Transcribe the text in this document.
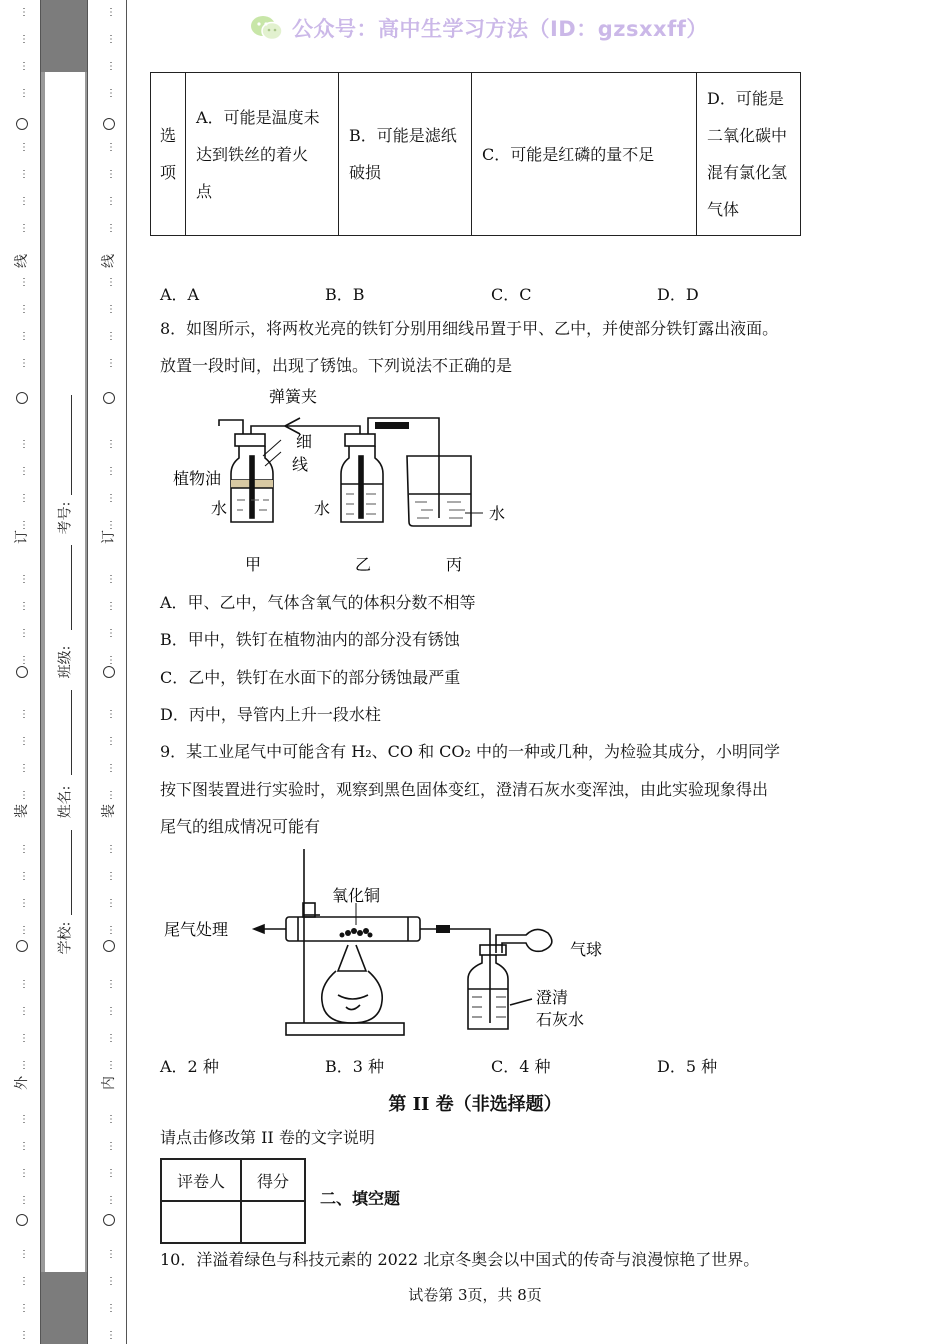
线
订
装
外
线
订
装
内
考号:
班级:
姓名:
学校:
公众号：高中生学习方法（ID：gzsxxff）
选
项

A．可能是温度未
达到铁丝的着火
点

B．可能是滤纸
破损
	C．可能是红磷的量不足	
D．可能是
二氧化碳中
混有氯化氢
气体
A．A	B．B	C．C	D．D
8．如图所示，将两枚光亮的铁钉分别用细线吊置于甲、乙中，并使部分铁钉露出液面。
放置一段时间，出现了锈蚀。下列说法不正确的是
弹簧夹
细
线
植物油
水	水	水
甲	乙	丙
A．甲、乙中，气体含氧气的体积分数不相等
B．甲中，铁钉在植物油内的部分没有锈蚀
C．乙中，铁钉在水面下的部分锈蚀最严重
D．丙中，导管内上升一段水柱
9．某工业尾气中可能含有 H₂、CO 和 CO₂ 中的一种或几种，为检验其成分，小明同学
按下图装置进行实验时，观察到黑色固体变红，澄清石灰水变浑浊，由此实验现象得出
尾气的组成情况可能有
氧化铜
尾气处理
气球
澄清
石灰水
A．2 种	B．3 种	C．4 种	D．5 种
第 II 卷（非选择题）
请点击修改第 II 卷的文字说明
评卷人	得分

二、填空题
10．洋溢着绿色与科技元素的 2022 北京冬奥会以中国式的传奇与浪漫惊艳了世界。
试卷第 3页，共 8页
⋮
⋮
⋮
⋮
⋮
⋮
⋮
⋮
⋮
⋮
⋮
⋮
⋮
⋮
⋮
⋮
⋮
⋮
⋮
⋮
⋮
⋮
⋮
⋮
⋮
⋮
⋮
⋮
⋮
⋮
⋮
⋮
⋮
⋮
⋮
⋮
⋮
⋮
⋮
⋮
⋮
⋮
⋮
⋮
⋮
⋮
⋮
⋮
⋮
⋮
⋮
⋮
⋮
⋮
⋮
⋮
⋮
⋮
⋮
⋮
⋮
⋮
⋮
⋮
⋮
⋮
⋮
⋮
⋮
⋮
⋮
⋮
⋮
⋮
⋮
⋮
⋮
⋮
⋮
⋮
